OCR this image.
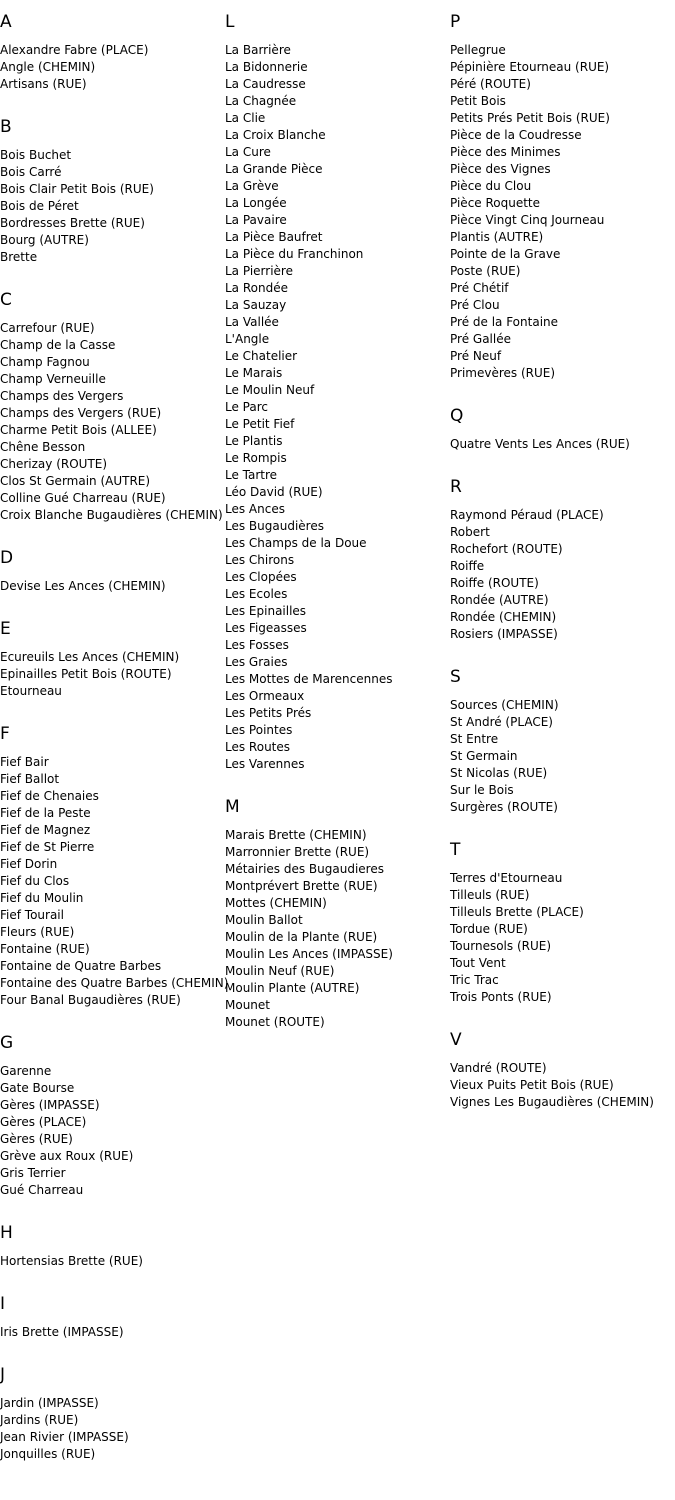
A
Alexandre Fabre (PLACE)
Angle (CHEMIN)
Artisans (RUE)
B
Bois Buchet
Bois Carré
Bois Clair Petit Bois (RUE)
Bois de Péret
Bordresses Brette (RUE)
Bourg (AUTRE)
Brette
C
Carrefour (RUE)
Champ de la Casse
Champ Fagnou
Champ Verneuille
Champs des Vergers
Champs des Vergers (RUE)
Charme Petit Bois (ALLEE)
Chêne Besson
Cherizay (ROUTE)
Clos St Germain (AUTRE)
Colline Gué Charreau (RUE)
Croix Blanche Bugaudières (CHEMIN)
D
Devise Les Ances (CHEMIN)
E
Ecureuils Les Ances (CHEMIN)
Epinailles Petit Bois (ROUTE)
Etourneau
F
Fief Bair
Fief Ballot
Fief de Chenaies
Fief de la Peste
Fief de Magnez
Fief de St Pierre
Fief Dorin
Fief du Clos
Fief du Moulin
Fief Tourail
Fleurs (RUE)
Fontaine (RUE)
Fontaine de Quatre Barbes
Fontaine des Quatre Barbes (CHEMIN)
Four Banal Bugaudières (RUE)
G
Garenne
Gate Bourse
Gères (IMPASSE)
Gères (PLACE)
Gères (RUE)
Grève aux Roux (RUE)
Gris Terrier
Gué Charreau
H
Hortensias Brette (RUE)
I
Iris Brette (IMPASSE)
J
Jardin (IMPASSE)
Jardins (RUE)
Jean Rivier (IMPASSE)
Jonquilles (RUE)
L
La Barrière
La Bidonnerie
La Caudresse
La Chagnée
La Clie
La Croix Blanche
La Cure
La Grande Pièce
La Grève
La Longée
La Pavaire
La Pièce Baufret
La Pièce du Franchinon
La Pierrière
La Rondée
La Sauzay
La Vallée
L'Angle
Le Chatelier
Le Marais
Le Moulin Neuf
Le Parc
Le Petit Fief
Le Plantis
Le Rompis
Le Tartre
Léo David (RUE)
Les Ances
Les Bugaudières
Les Champs de la Doue
Les Chirons
Les Clopées
Les Ecoles
Les Epinailles
Les Figeasses
Les Fosses
Les Graies
Les Mottes de Marencennes
Les Ormeaux
Les Petits Prés
Les Pointes
Les Routes
Les Varennes
M
Marais Brette (CHEMIN)
Marronnier Brette (RUE)
Métairies des Bugaudieres
Montprévert Brette (RUE)
Mottes (CHEMIN)
Moulin Ballot
Moulin de la Plante (RUE)
Moulin Les Ances (IMPASSE)
Moulin Neuf (RUE)
Moulin Plante (AUTRE)
Mounet
Mounet (ROUTE)
P
Pellegrue
Pépinière Etourneau (RUE)
Péré (ROUTE)
Petit Bois
Petits Prés Petit Bois (RUE)
Pièce de la Coudresse
Pièce des Minimes
Pièce des Vignes
Pièce du Clou
Pièce Roquette
Pièce Vingt Cinq Journeau
Plantis (AUTRE)
Pointe de la Grave
Poste (RUE)
Pré Chétif
Pré Clou
Pré de la Fontaine
Pré Gallée
Pré Neuf
Primevères (RUE)
Q
Quatre Vents Les Ances (RUE)
R
Raymond Péraud (PLACE)
Robert
Rochefort (ROUTE)
Roiffe
Roiffe (ROUTE)
Rondée (AUTRE)
Rondée (CHEMIN)
Rosiers (IMPASSE)
S
Sources (CHEMIN)
St André (PLACE)
St Entre
St Germain
St Nicolas (RUE)
Sur le Bois
Surgères (ROUTE)
T
Terres d'Etourneau
Tilleuls (RUE)
Tilleuls Brette (PLACE)
Tordue (RUE)
Tournesols (RUE)
Tout Vent
Tric Trac
Trois Ponts (RUE)
V
Vandré (ROUTE)
Vieux Puits Petit Bois (RUE)
Vignes Les Bugaudières (CHEMIN)
